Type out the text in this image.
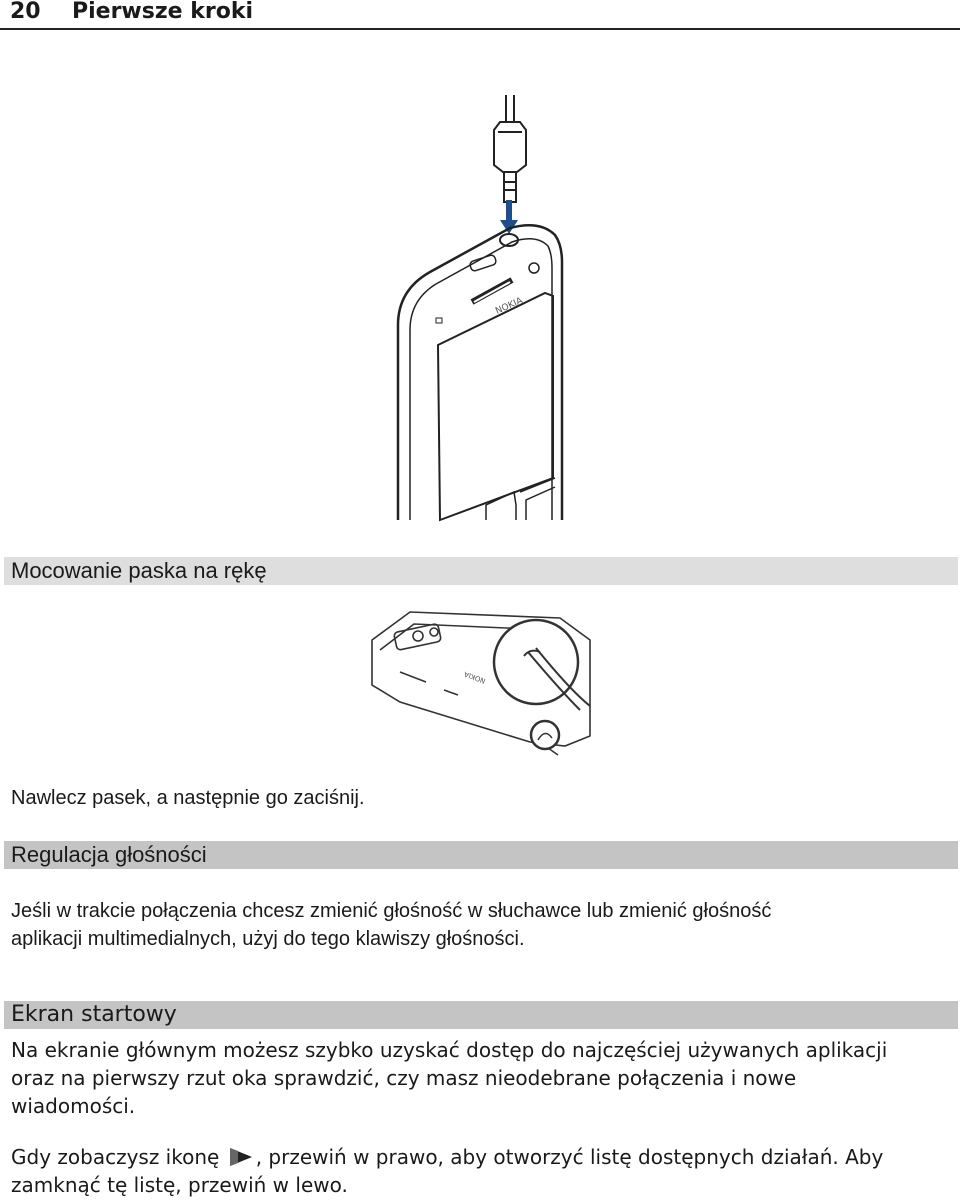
20 Pierwsze kroki
NOKIA
Mocowanie paska na rękę
NOKIA
Nawlecz pasek, a następnie go zaciśnij.
Regulacja głośności
Jeśli w trakcie połączenia chcesz zmienić głośność w słuchawce lub zmienić głośność
aplikacji multimedialnych, użyj do tego klawiszy głośności.
Ekran startowy
Na ekranie głównym możesz szybko uzyskać dostęp do najczęściej używanych aplikacji
oraz na pierwszy rzut oka sprawdzić, czy masz nieodebrane połączenia i nowe
wiadomości.
Gdy zobaczysz ikonę , przewiń w prawo, aby otworzyć listę dostępnych działań. Aby
zamknąć tę listę, przewiń w lewo.
